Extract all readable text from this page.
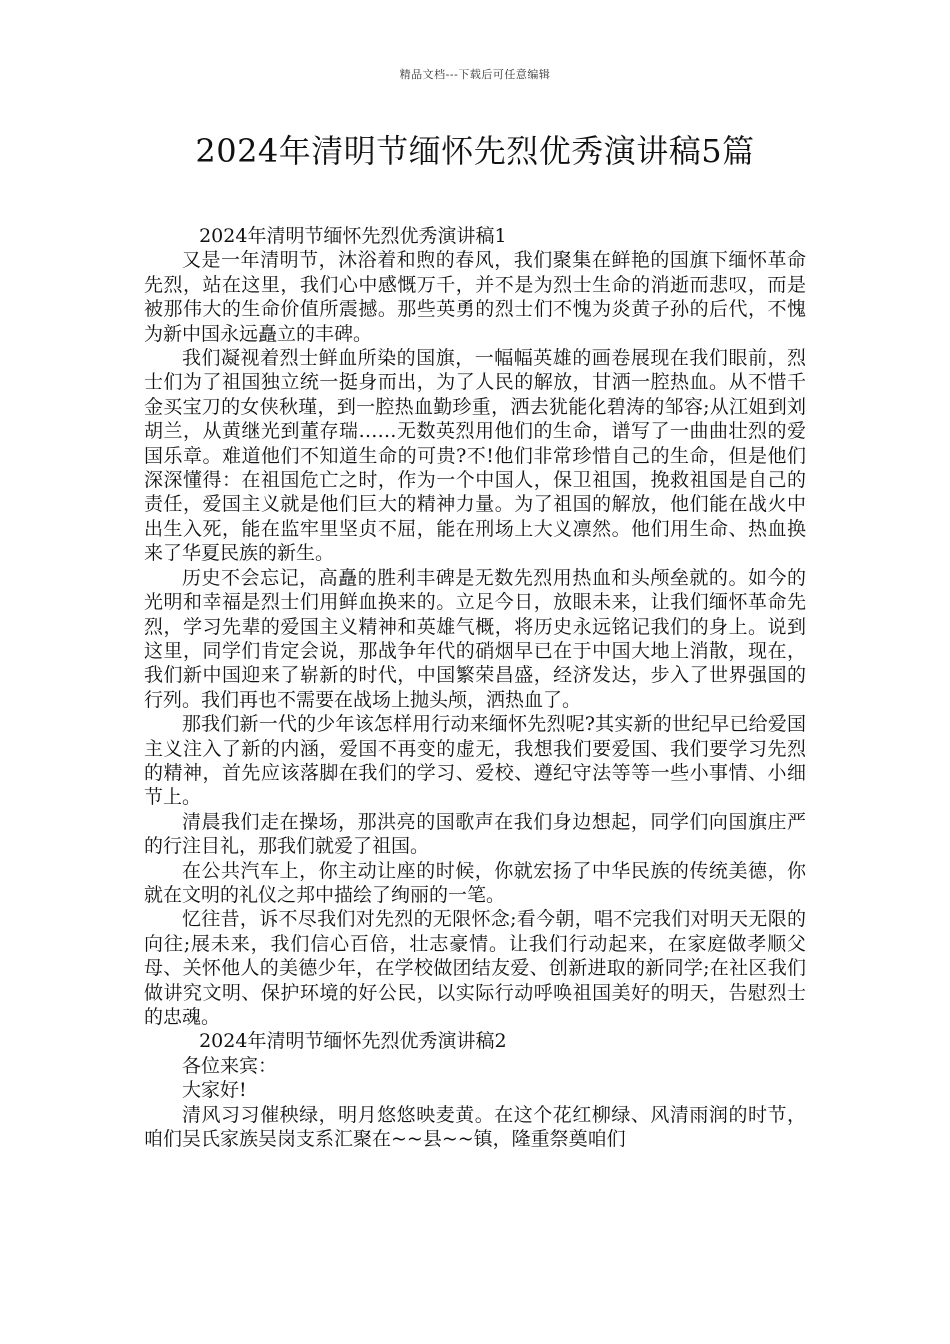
精品文档---下载后可任意编辑
2024年清明节缅怀先烈优秀演讲稿5篇

2024年清明节缅怀先烈优秀演讲稿1

又是一年清明节，沐浴着和煦的春风，我们聚集在鲜艳的国旗下缅怀革命先烈，站在这里，我们心中感慨万千，并不是为烈士生命的消逝而悲叹，而是被那伟大的生命价值所震撼。那些英勇的烈士们不愧为炎黄子孙的后代，不愧为新中国永远矗立的丰碑。

我们凝视着烈士鲜血所染的国旗，一幅幅英雄的画卷展现在我们眼前，烈士们为了祖国独立统一挺身而出，为了人民的解放，甘洒一腔热血。从不惜千金买宝刀的女侠秋瑾，到一腔热血勤珍重，洒去犹能化碧涛的邹容;从江姐到刘胡兰，从黄继光到董存瑞……无数英烈用他们的生命，谱写了一曲曲壮烈的爱国乐章。难道他们不知道生命的可贵?不!他们非常珍惜自己的生命，但是他们深深懂得：在祖国危亡之时，作为一个中国人，保卫祖国，挽救祖国是自己的责任，爱国主义就是他们巨大的精神力量。为了祖国的解放，他们能在战火中出生入死，能在监牢里坚贞不屈，能在刑场上大义凛然。他们用生命、热血换来了华夏民族的新生。

历史不会忘记，高矗的胜利丰碑是无数先烈用热血和头颅垒就的。如今的光明和幸福是烈士们用鲜血换来的。立足今日，放眼未来，让我们缅怀革命先烈，学习先辈的爱国主义精神和英雄气概，将历史永远铭记我们的身上。说到这里，同学们肯定会说，那战争年代的硝烟早已在于中国大地上消散，现在，我们新中国迎来了崭新的时代，中国繁荣昌盛，经济发达，步入了世界强国的行列。我们再也不需要在战场上抛头颅，洒热血了。

那我们新一代的少年该怎样用行动来缅怀先烈呢?其实新的世纪早已给爱国主义注入了新的内涵，爱国不再变的虚无，我想我们要爱国、我们要学习先烈的精神，首先应该落脚在我们的学习、爱校、遵纪守法等等一些小事情、小细节上。

清晨我们走在操场，那洪亮的国歌声在我们身边想起，同学们向国旗庄严的行注目礼，那我们就爱了祖国。

在公共汽车上，你主动让座的时候，你就宏扬了中华民族的传统美德，你就在文明的礼仪之邦中描绘了绚丽的一笔。

忆往昔，诉不尽我们对先烈的无限怀念;看今朝，唱不完我们对明天无限的向往;展未来，我们信心百倍，壮志豪情。让我们行动起来，在家庭做孝顺父母、关怀他人的美德少年，在学校做团结友爱、创新进取的新同学;在社区我们做讲究文明、保护环境的好公民，以实际行动呼唤祖国美好的明天，告慰烈士的忠魂。

2024年清明节缅怀先烈优秀演讲稿2

各位来宾：

大家好!

清风习习催秧绿，明月悠悠映麦黄。在这个花红柳绿、风清雨润的时节，咱们吴氏家族吴岗支系汇聚在~~县~~镇，隆重祭奠咱们
